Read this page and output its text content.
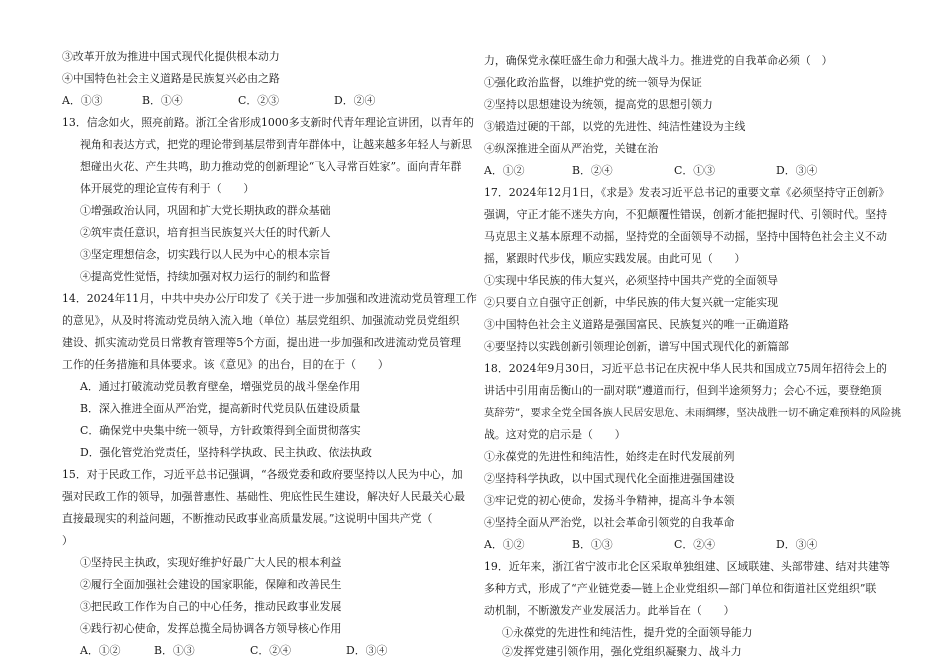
③改革开放为推进中国式现代化提供根本动力
④中国特色社会主义道路是民族复兴必由之路
A．①③	B．①④	C．②③	D．②④
13．信念如火，照亮前路。浙江全省形成1000多支新时代青年理论宣讲团，以青年的
视角和表达方式，把党的理论带到基层带到青年群体中，让越来越多年轻人与新思
想碰出火花、产生共鸣，助力推动党的创新理论“飞入寻常百姓家”。面向青年群
体开展党的理论宣传有利于（　　）
①增强政治认同，巩固和扩大党长期执政的群众基础
②筑牢责任意识，培育担当民族复兴大任的时代新人
③坚定理想信念，切实践行以人民为中心的根本宗旨
④提高党性觉悟，持续加强对权力运行的制约和监督
14．2024年11月，中共中央办公厅印发了《关于进一步加强和改进流动党员管理工作
的意见》，从及时将流动党员纳入流入地（单位）基层党组织、加强流动党员党组织
建设、抓实流动党员日常教育管理等5个方面，提出进一步加强和改进流动党员管理
工作的任务措施和具体要求。该《意见》的出台，目的在于（　　）
A．通过打破流动党员教育壁垒，增强党员的战斗堡垒作用
B．深入推进全面从严治党，提高新时代党员队伍建设质量
C．确保党中央集中统一领导，方针政策得到全面贯彻落实
D．强化管党治党责任，坚持科学执政、民主执政、依法执政
15．对于民政工作，习近平总书记强调，“各级党委和政府要坚持以人民为中心，加
强对民政工作的领导，加强普惠性、基础性、兜底性民生建设，解决好人民最关心最
直接最现实的利益问题，不断推动民政事业高质量发展。”这说明中国共产党（
）
①坚持民主执政，实现好维护好最广大人民的根本利益
②履行全面加强社会建设的国家职能，保障和改善民生
③把民政工作作为自己的中心任务，推动民政事业发展
④践行初心使命，发挥总揽全局协调各方领导核心作用
A．①②	B．①③	C．②④	D．③④
力，确保党永葆旺盛生命力和强大战斗力。推进党的自我革命必须（　）
①强化政治监督，以维护党的统一领导为保证
②坚持以思想建设为统领，提高党的思想引领力
③锻造过硬的干部，以党的先进性、纯洁性建设为主线
④纵深推进全面从严治党，关键在治
A．①②	B．②④	C．①③	D．③④
17．2024年12月1日，《求是》发表习近平总书记的重要文章《必须坚持守正创新》
强调，守正才能不迷失方向，不犯颠覆性错误，创新才能把握时代、引领时代。坚持
马克思主义基本原理不动摇，坚持党的全面领导不动摇，坚持中国特色社会主义不动
摇，紧跟时代步伐，顺应实践发展。由此可见（　　）
①实现中华民族的伟大复兴，必须坚持中国共产党的全面领导
②只要自立自强守正创新，中华民族的伟大复兴就一定能实现
③中国特色社会主义道路是强国富民、民族复兴的唯一正确道路
④要坚持以实践创新引领理论创新，谱写中国式现代化的新篇部
18．2024年9月30日，习近平总书记在庆祝中华人民共和国成立75周年招待会上的
讲话中引用南岳衡山的一副对联“遵道而行，但到半途须努力；会心不远，要登绝顶
莫辞劳”，要求全党全国各族人民居安思危、未雨绸缪，坚决战胜一切不确定难预料的风险挑
战。这对党的启示是（　　）
①永葆党的先进性和纯洁性，始终走在时代发展前列
②坚持科学执政，以中国式现代化全面推进强国建设
③牢记党的初心使命，发扬斗争精神，提高斗争本领
④坚持全面从严治党，以社会革命引领党的自我革命
A．①②	B．①③	C．②④	D．③④
19．近年来，浙江省宁波市北仑区采取单独组建、区域联建、头部带建、结对共建等
多种方式，形成了“产业链党委—链上企业党组织—部门单位和街道社区党组织”联
动机制，不断激发产业发展活力。此举旨在（　　）
①永葆党的先进性和纯洁性，提升党的全面领导能力
②发挥党建引领作用，强化党组织凝聚力、战斗力
